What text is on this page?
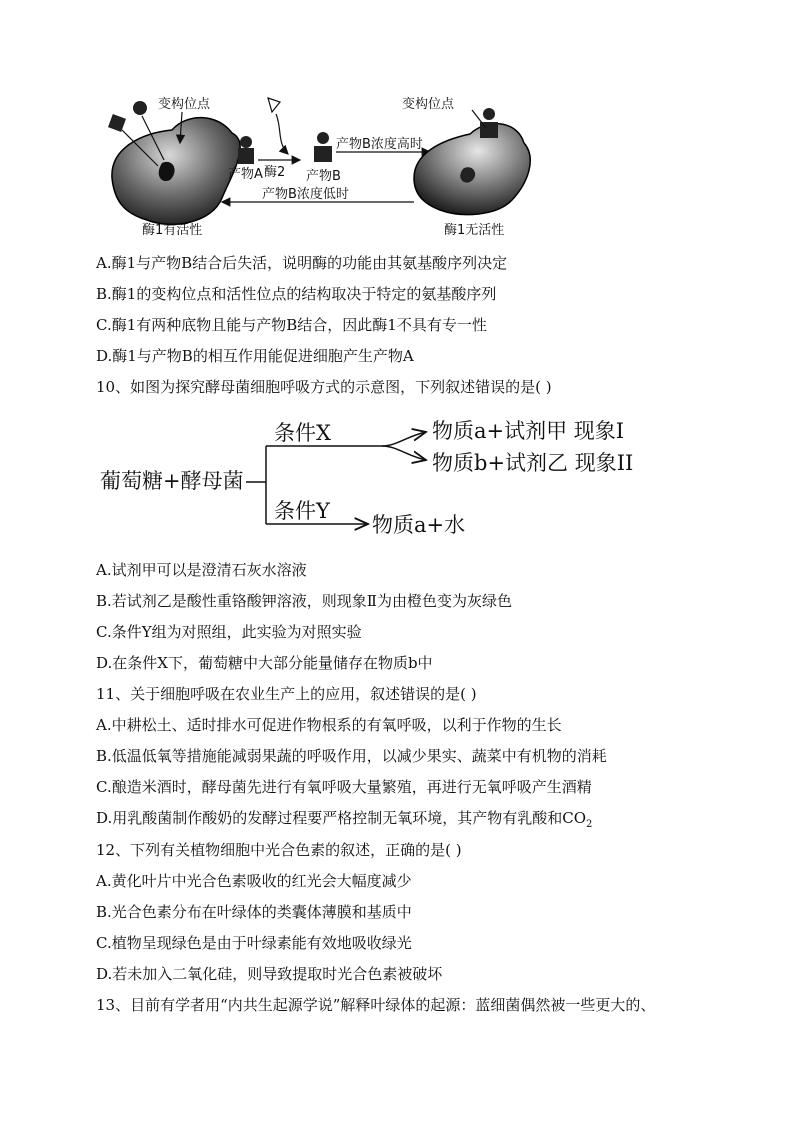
变构位点
酶1有活性
产物A 酶2 产物B
产物B浓度高时
产物B浓度低时
变构位点
酶1无活性
A.酶1与产物B结合后失活，说明酶的功能由其氨基酸序列决定
B.酶1的变构位点和活性位点的结构取决于特定的氨基酸序列
C.酶1有两种底物且能与产物B结合，因此酶1不具有专一性
D.酶1与产物B的相互作用能促进细胞产生产物A
10、如图为探究酵母菌细胞呼吸方式的示意图，下列叙述错误的是( )
葡萄糖+酵母菌
条件X
条件Y
物质a+试剂甲 现象I
物质b+试剂乙 现象II
物质a+水
A.试剂甲可以是澄清石灰水溶液
B.若试剂乙是酸性重铬酸钾溶液，则现象Ⅱ为由橙色变为灰绿色
C.条件Y组为对照组，此实验为对照实验
D.在条件X下，葡萄糖中大部分能量储存在物质b中
11、关于细胞呼吸在农业生产上的应用，叙述错误的是( )
A.中耕松土、适时排水可促进作物根系的有氧呼吸，以利于作物的生长
B.低温低氧等措施能减弱果蔬的呼吸作用，以减少果实、蔬菜中有机物的消耗
C.酿造米酒时，酵母菌先进行有氧呼吸大量繁殖，再进行无氧呼吸产生酒精
D.用乳酸菌制作酸奶的发酵过程要严格控制无氧环境，其产物有乳酸和$CO_2$
12、下列有关植物细胞中光合色素的叙述，正确的是( )
A.黄化叶片中光合色素吸收的红光会大幅度减少
B.光合色素分布在叶绿体的类囊体薄膜和基质中
C.植物呈现绿色是由于叶绿素能有效地吸收绿光
D.若未加入二氧化硅，则导致提取时光合色素被破坏
13、目前有学者用“内共生起源学说”解释叶绿体的起源：蓝细菌偶然被一些更大的、
